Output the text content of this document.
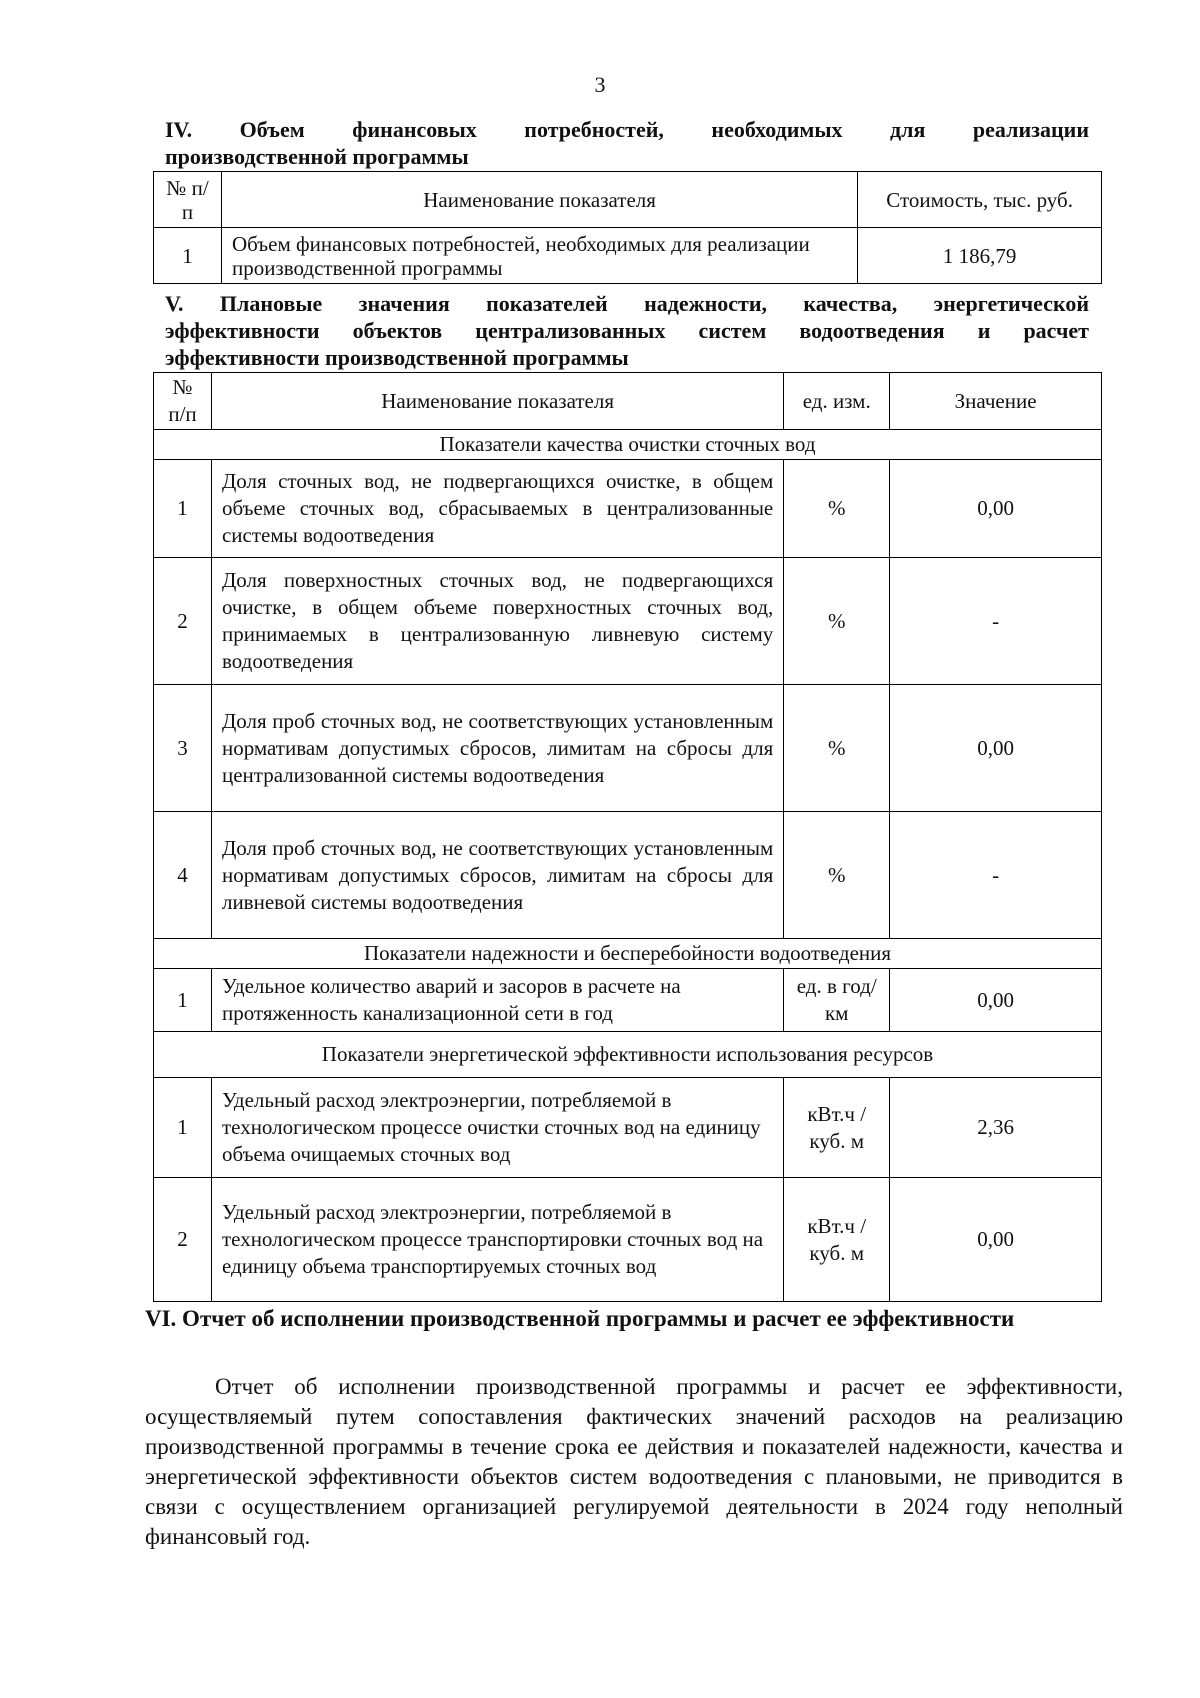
3
IV. Объем финансовых потребностей, необходимых для реализации
производственной программы
№ п/п	Наименование показателя	Стоимость, тыс. руб.
1	Объем финансовых потребностей, необходимых для реализации производственной программы	1 186,79
V. Плановые значения показателей надежности, качества, энергетической
эффективности объектов централизованных систем водоотведения и расчет
эффективности производственной программы
№ п/п	Наименование показателя	ед. изм.	Значение
Показатели качества очистки сточных вод			
1	Доля сточных вод, не подвергающихся очистке, в общем объеме сточных вод, сбрасываемых в централизованные системы водоотведения	%	0,00
2	Доля поверхностных сточных вод, не подвергающихся очистке, в общем объеме поверхностных сточных вод, принимаемых в централизованную ливневую систему водоотведения	%	-
3	Доля проб сточных вод, не соответствующих установленным нормативам допустимых сбросов, лимитам на сбросы для централизованной системы водоотведения	%	0,00
4	Доля проб сточных вод, не соответствующих установленным нормативам допустимых сбросов, лимитам на сбросы для ливневой системы водоотведения	%	-
Показатели надежности и бесперебойности водоотведения			
1	Удельное количество аварий и засоров в расчете на протяженность канализационной сети в год	ед. в год/ км	0,00
Показатели энергетической эффективности использования ресурсов			
1	Удельный расход электроэнергии, потребляемой в технологическом процессе очистки сточных вод на единицу объема очищаемых сточных вод	кВт.ч / куб. м	2,36
2	Удельный расход электроэнергии, потребляемой в технологическом процессе транспортировки сточных вод на единицу объема транспортируемых сточных вод	кВт.ч / куб. м	0,00
VI. Отчет об исполнении производственной программы и расчет ее эффективности
Отчет об исполнении производственной программы и расчет ее эффективности, осуществляемый путем сопоставления фактических значений расходов на реализацию производственной программы в течение срока ее действия и показателей надежности, качества и энергетической эффективности объектов систем водоотведения с плановыми, не приводится в связи с осуществлением организацией регулируемой деятельности в 2024 году неполный финансовый год.
